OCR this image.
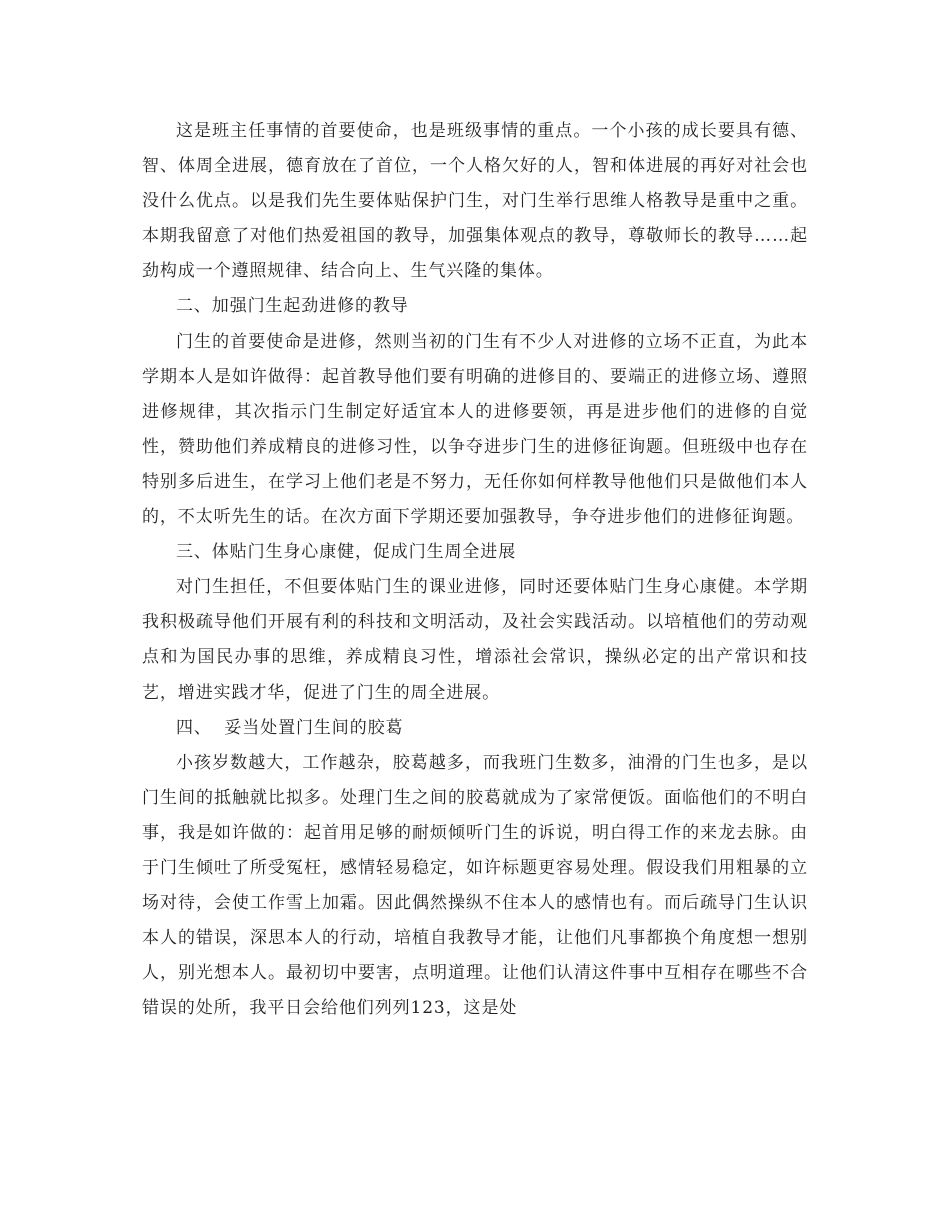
这是班主任事情的首要使命，也是班级事情的重点。一个小孩的成长要具有德、智、体周全进展，德育放在了首位，一个人格欠好的人，智和体进展的再好对社会也没什么优点。以是我们先生要体贴保护门生，对门生举行思维人格教导是重中之重。本期我留意了对他们热爱祖国的教导，加强集体观点的教导，尊敬师长的教导……起劲构成一个遵照规律、结合向上、生气兴隆的集体。

二、加强门生起劲进修的教导

门生的首要使命是进修，然则当初的门生有不少人对进修的立场不正直，为此本学期本人是如许做得：起首教导他们要有明确的进修目的、要端正的进修立场、遵照进修规律，其次指示门生制定好适宜本人的进修要领，再是进步他们的进修的自觉性，赞助他们养成精良的进修习性，以争夺进步门生的进修征询题。但班级中也存在特别多后进生，在学习上他们老是不努力，无任你如何样教导他他们只是做他们本人的，不太听先生的话。在次方面下学期还要加强教导，争夺进步他们的进修征询题。

三、体贴门生身心康健，促成门生周全进展

对门生担任，不但要体贴门生的课业进修，同时还要体贴门生身心康健。本学期我积极疏导他们开展有利的科技和文明活动，及社会实践活动。以培植他们的劳动观点和为国民办事的思维，养成精良习性，增添社会常识，操纵必定的出产常识和技艺，增进实践才华，促进了门生的周全进展。

四、  妥当处置门生间的胶葛

小孩岁数越大，工作越杂，胶葛越多，而我班门生数多，油滑的门生也多，是以门生间的抵触就比拟多。处理门生之间的胶葛就成为了家常便饭。面临他们的不明白事，我是如许做的：起首用足够的耐烦倾听门生的诉说，明白得工作的来龙去脉。由于门生倾吐了所受冤枉，感情轻易稳定，如许标题更容易处理。假设我们用粗暴的立场对待，会使工作雪上加霜。因此偶然操纵不住本人的感情也有。而后疏导门生认识本人的错误，深思本人的行动，培植自我教导才能，让他们凡事都换个角度想一想别人，别光想本人。最初切中要害，点明道理。让他们认清这件事中互相存在哪些不合错误的处所，我平日会给他们列列123，这是处
